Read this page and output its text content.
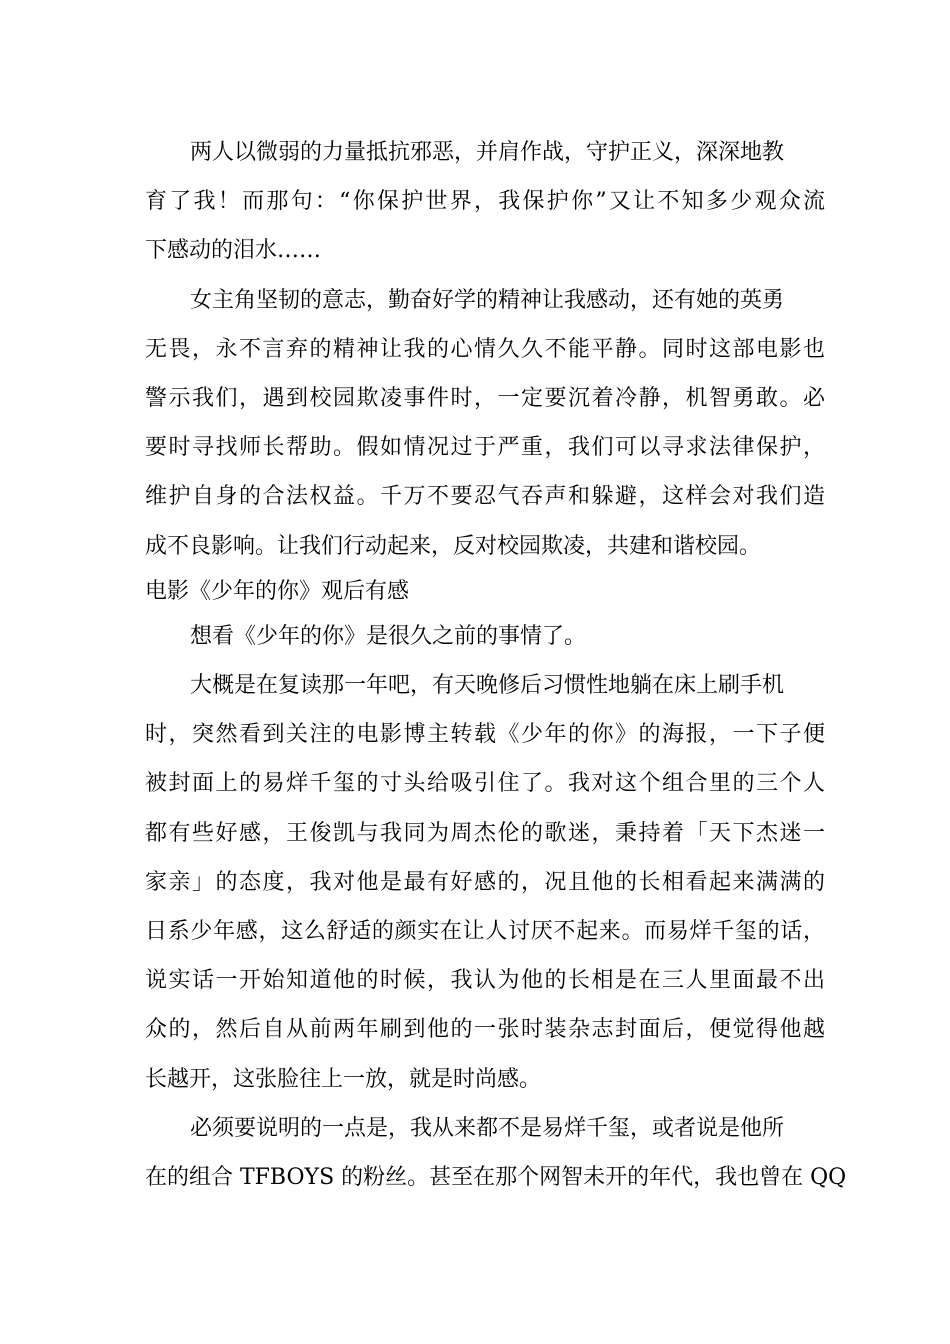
两人以微弱的力量抵抗邪恶，并肩作战，守护正义，深深地教
育了我！而那句：“你保护世界，我保护你”又让不知多少观众流
下感动的泪水……
女主角坚韧的意志，勤奋好学的精神让我感动，还有她的英勇
无畏，永不言弃的精神让我的心情久久不能平静。同时这部电影也
警示我们，遇到校园欺凌事件时，一定要沉着冷静，机智勇敢。必
要时寻找师长帮助。假如情况过于严重，我们可以寻求法律保护，
维护自身的合法权益。千万不要忍气吞声和躲避，这样会对我们造
成不良影响。让我们行动起来，反对校园欺凌，共建和谐校园。
电影《少年的你》观后有感
想看《少年的你》是很久之前的事情了。
大概是在复读那一年吧，有天晚修后习惯性地躺在床上刷手机
时，突然看到关注的电影博主转载《少年的你》的海报，一下子便
被封面上的易烊千玺的寸头给吸引住了。我对这个组合里的三个人
都有些好感，王俊凯与我同为周杰伦的歌迷，秉持着「天下杰迷一
家亲」的态度，我对他是最有好感的，况且他的长相看起来满满的
日系少年感，这么舒适的颜实在让人讨厌不起来。而易烊千玺的话，
说实话一开始知道他的时候，我认为他的长相是在三人里面最不出
众的，然后自从前两年刷到他的一张时装杂志封面后，便觉得他越
长越开，这张脸往上一放，就是时尚感。
必须要说明的一点是，我从来都不是易烊千玺，或者说是他所
在的组合 TFBOYS 的粉丝。甚至在那个网智未开的年代，我也曾在 QQ
